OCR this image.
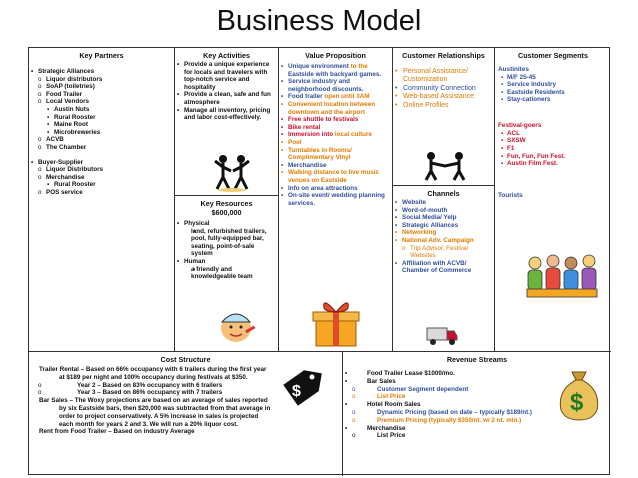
Business Model
Key Partners
• Strategic Alliances
o Liquor distributors
o SoAP (toiletries)
o Food Trailer
o Local Vendors
▪ Austin Nuts
▪ Rural Rooster
▪ Maine Root
▪ Microbreweries
o ACVB
o The Chamber
• Buyer-Supplier
o Liquor Distributors
o Merchandise
▪ Rural Rooster
o POS service
Key Activities
• Provide a unique experience for locals and travelers with top-notch service and hospitality
• Provide a clean, safe and fun atmosphere
• Manage all inventory, pricing and labor cost-effectively.
Key Resources
$600,000
• Physical
▪ land, refurbished trailers, pool, fully-equipped bar, seating, point-of-sale system
• Human
▪ a friendly and knowledgeable team
Value Proposition
• Unique environment to the Eastside with backyard games.
• Service industry and neighborhood discounts.
• Food trailer open until 3AM
• Convenient location between downtown and the airport
• Free shuttle to festivals
• Bike rental
• Immersion into local culture
• Pool
• Turntables in Rooms/ Complimentary Vinyl
• Merchandise
• Walking distance to live music venues on Eastside
• Info on area attractions
• On-site event/ wedding planning services.
Customer Relationships
• Personal Assistance/ Customization
• Community Connection
• Web-based Assistance
• Online Profiles
Channels
• Website
• Word-of-mouth
• Social Media/ Yelp
• Strategic Alliances
• Networking
• National Adv. Campaign
o Trip Advisor, Festival Websites
• Affiliation with ACVB/ Chamber of Commerce
Customer Segments
Austinites
▪ M/F 25-45
▪ Service Industry
▪ Eastside Residents
▪ Stay-cationers
Festival-goers
▪ ACL
▪ SXSW
▪ F1
▪ Fun, Fun, Fun Fest.
▪ Austin Film Fest.
Tourists
Cost Structure
• Trailer Rental – Based on 66% occupancy with 6 trailers during the first year at $189 per night and 100% occupancy during festivals at $350.
o Year 2 – Based on 83% occupancy with 6 trailers
o Year 3 – Based on 86% occupancy with 7 trailers
• Bar Sales – The Woxy projections are based on an average of sales reported by six Eastside bars, then $20,000 was subtracted from that average in order to project conservatively. A 5% increase in sales is projected each month for years 2 and 3. We will run a 20% liquor cost.
• Rent from Food Trailer – Based on industry Average
$
Revenue Streams
• Food Trailer Lease $1000/mo.
• Bar Sales
o Customer Segment dependent
o List Price
• Hotel Room Sales
o Dynamic Pricing (based on date – typically $189/nt.)
o Premium Pricing (typically $350/nt. w/ 2 nt. min.)
• Merchandise
o List Price
$
